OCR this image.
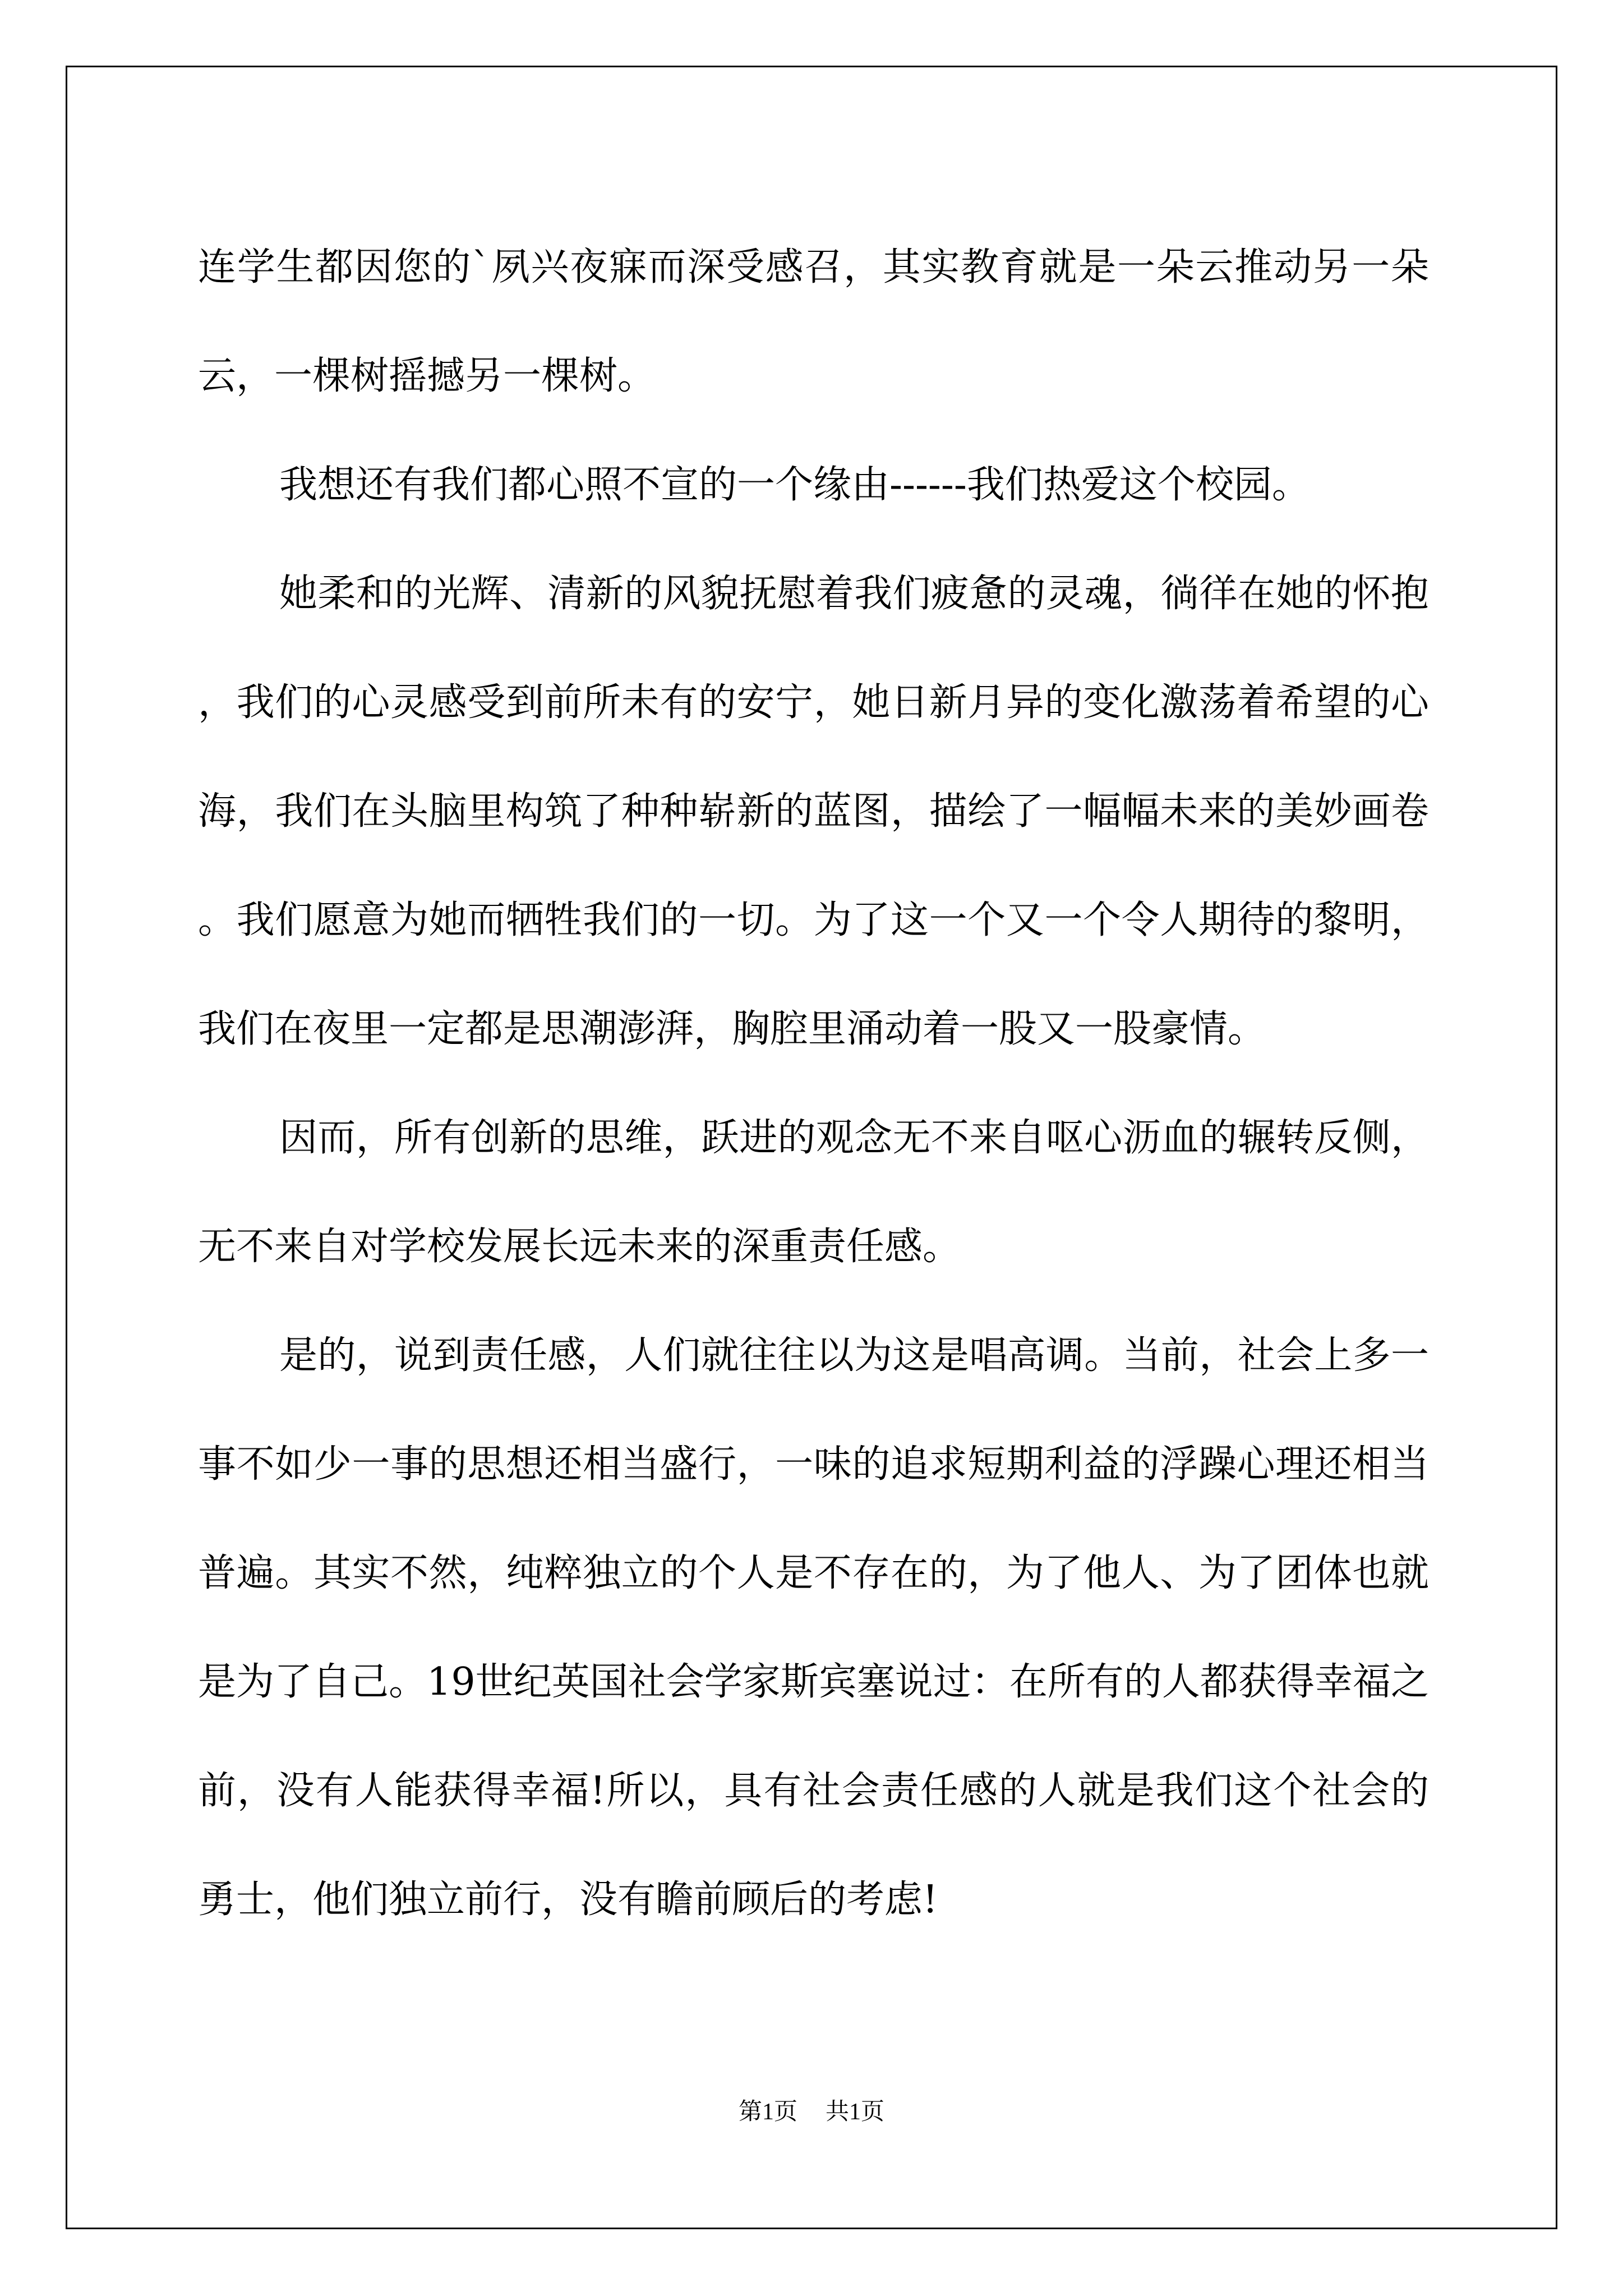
连学生都因您的`夙兴夜寐而深受感召，其实教育就是一朵云推动另一朵云，一棵树摇撼另一棵树。

我想还有我们都心照不宣的一个缘由------我们热爱这个校园。

她柔和的光辉、清新的风貌抚慰着我们疲惫的灵魂，徜徉在她的怀抱，我们的心灵感受到前所未有的安宁，她日新月异的变化激荡着希望的心海，我们在头脑里构筑了种种崭新的蓝图，描绘了一幅幅未来的美妙画卷。我们愿意为她而牺牲我们的一切。为了这一个又一个令人期待的黎明，我们在夜里一定都是思潮澎湃，胸腔里涌动着一股又一股豪情。

因而，所有创新的思维，跃进的观念无不来自呕心沥血的辗转反侧，无不来自对学校发展长远未来的深重责任感。

是的，说到责任感，人们就往往以为这是唱高调。当前，社会上多一事不如少一事的思想还相当盛行，一味的追求短期利益的浮躁心理还相当普遍。其实不然，纯粹独立的个人是不存在的，为了他人、为了团体也就是为了自己。19世纪英国社会学家斯宾塞说过：在所有的人都获得幸福之前，没有人能获得幸福!所以，具有社会责任感的人就是我们这个社会的勇士，他们独立前行，没有瞻前顾后的考虑!

第1页 共1页
